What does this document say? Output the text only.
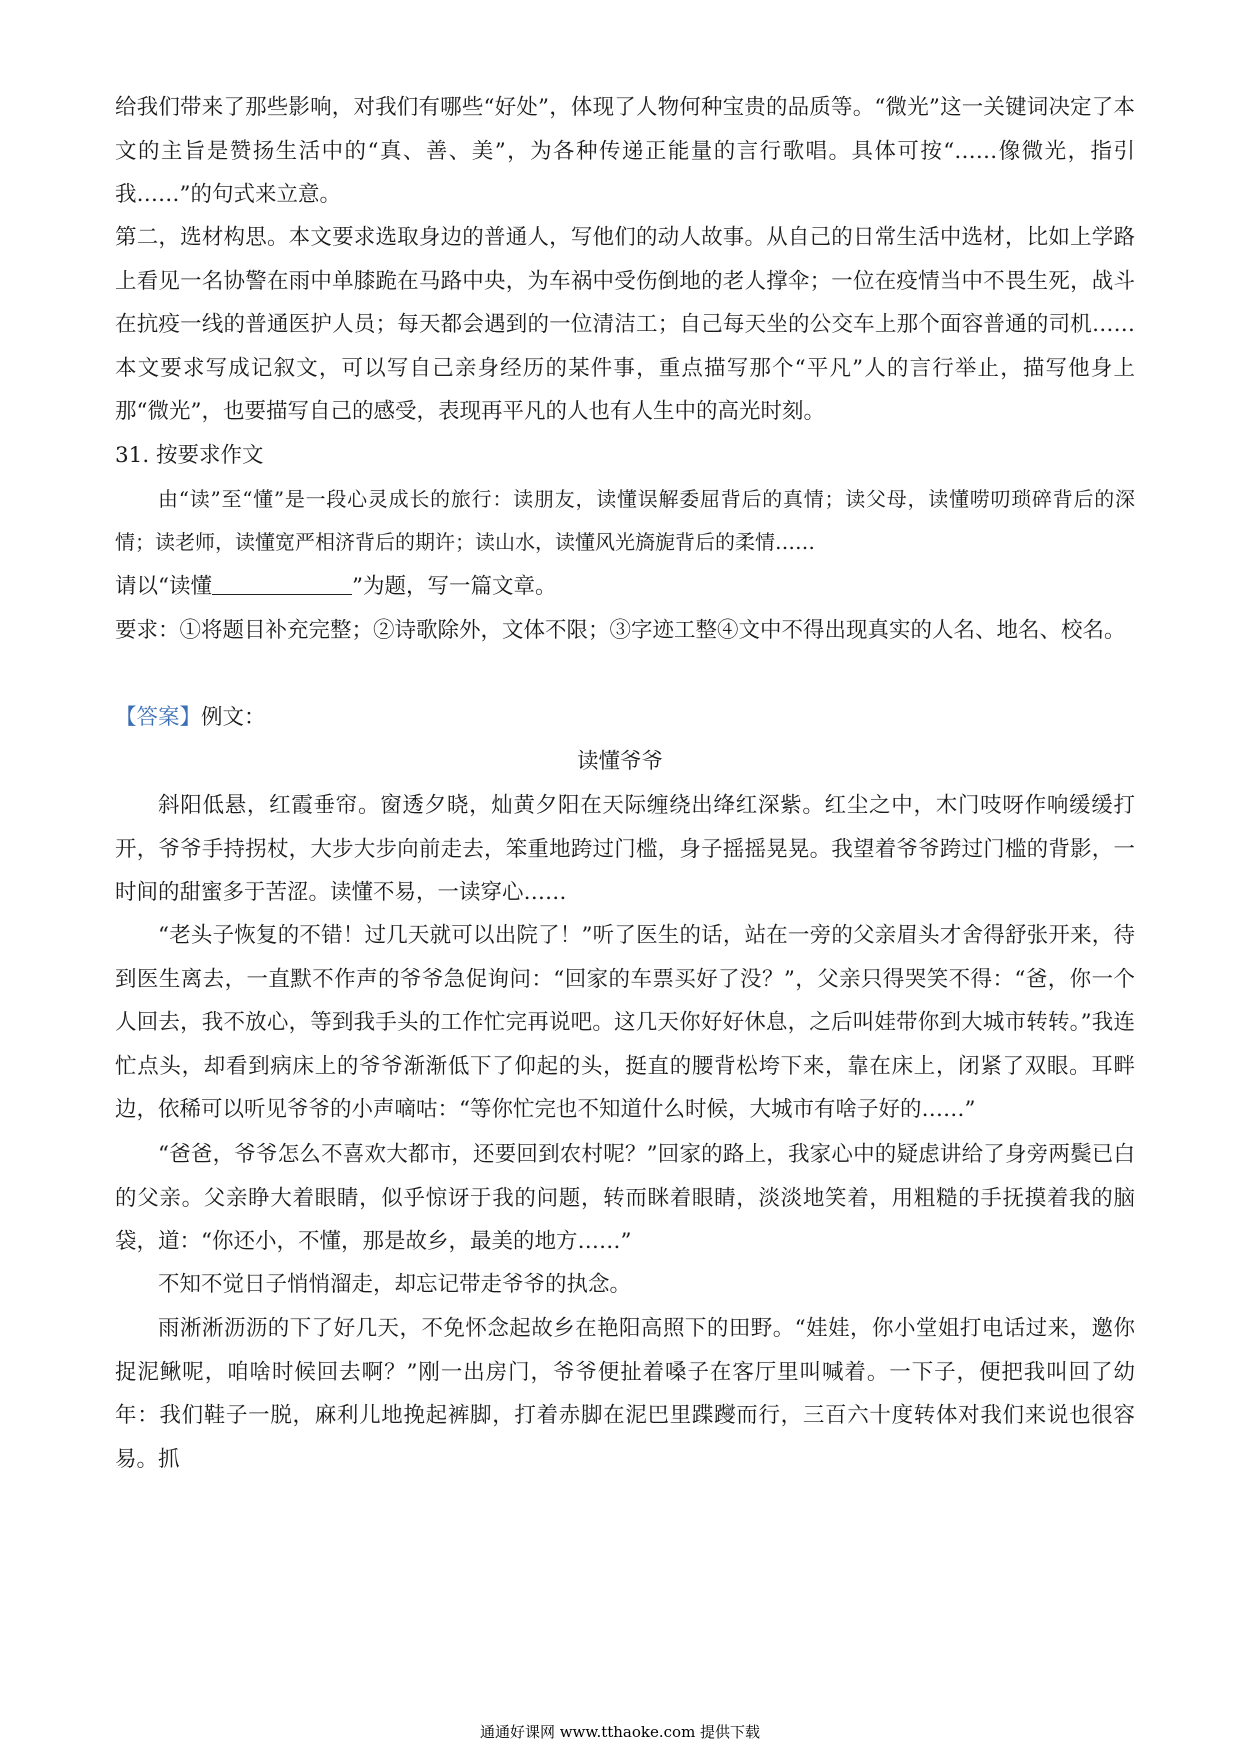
给我们带来了那些影响，对我们有哪些“好处”，体现了人物何种宝贵的品质等。“微光”这一关键词决定了本文的主旨是赞扬生活中的“真、善、美”，为各种传递正能量的言行歌唱。具体可按“……像微光，指引我……”的句式来立意。

第二，选材构思。本文要求选取身边的普通人，写他们的动人故事。从自己的日常生活中选材，比如上学路上看见一名协警在雨中单膝跪在马路中央，为车祸中受伤倒地的老人撑伞；一位在疫情当中不畏生死，战斗在抗疫一线的普通医护人员；每天都会遇到的一位清洁工；自己每天坐的公交车上那个面容普通的司机……本文要求写成记叙文，可以写自己亲身经历的某件事，重点描写那个“平凡”人的言行举止，描写他身上那“微光”，也要描写自己的感受，表现再平凡的人也有人生中的高光时刻。

31. 按要求作文

由“读”至“懂”是一段心灵成长的旅行：读朋友，读懂误解委屈背后的真情；读父母，读懂唠叨琐碎背后的深情；读老师，读懂宽严相济背后的期许；读山水，读懂风光旖旎背后的柔情……

请以“读懂	”为题，写一篇文章。

要求：①将题目补充完整；②诗歌除外，文体不限；③字迹工整④文中不得出现真实的人名、地名、校名。

【答案】例文：

读懂爷爷

斜阳低悬，红霞垂帘。窗透夕晓，灿黄夕阳在天际缠绕出绛红深紫。红尘之中，木门吱呀作响缓缓打开，爷爷手持拐杖，大步大步向前走去，笨重地跨过门槛，身子摇摇晃晃。我望着爷爷跨过门槛的背影，一时间的甜蜜多于苦涩。读懂不易，一读穿心……

“老头子恢复的不错！过几天就可以出院了！”听了医生的话，站在一旁的父亲眉头才舍得舒张开来，待到医生离去，一直默不作声的爷爷急促询问：“回家的车票买好了没？”，父亲只得哭笑不得：“爸，你一个人回去，我不放心，等到我手头的工作忙完再说吧。这几天你好好休息，之后叫娃带你到大城市转转。”我连忙点头，却看到病床上的爷爷渐渐低下了仰起的头，挺直的腰背松垮下来，靠在床上，闭紧了双眼。耳畔边，依稀可以听见爷爷的小声嘀咕：“等你忙完也不知道什么时候，大城市有啥子好的……”

“爸爸，爷爷怎么不喜欢大都市，还要回到农村呢？”回家的路上，我家心中的疑虑讲给了身旁两鬓已白的父亲。父亲睁大着眼睛，似乎惊讶于我的问题，转而眯着眼睛，淡淡地笑着，用粗糙的手抚摸着我的脑袋，道：“你还小，不懂，那是故乡，最美的地方……”

不知不觉日子悄悄溜走，却忘记带走爷爷的执念。

雨淅淅沥沥的下了好几天，不免怀念起故乡在艳阳高照下的田野。“娃娃，你小堂姐打电话过来，邀你捉泥鳅呢，咱啥时候回去啊？”刚一出房门，爷爷便扯着嗓子在客厅里叫喊着。一下子，便把我叫回了幼年：我们鞋子一脱，麻利儿地挽起裤脚，打着赤脚在泥巴里蹀躞而行，三百六十度转体对我们来说也很容易。抓

通通好课网 www.tthaoke.com 提供下载
